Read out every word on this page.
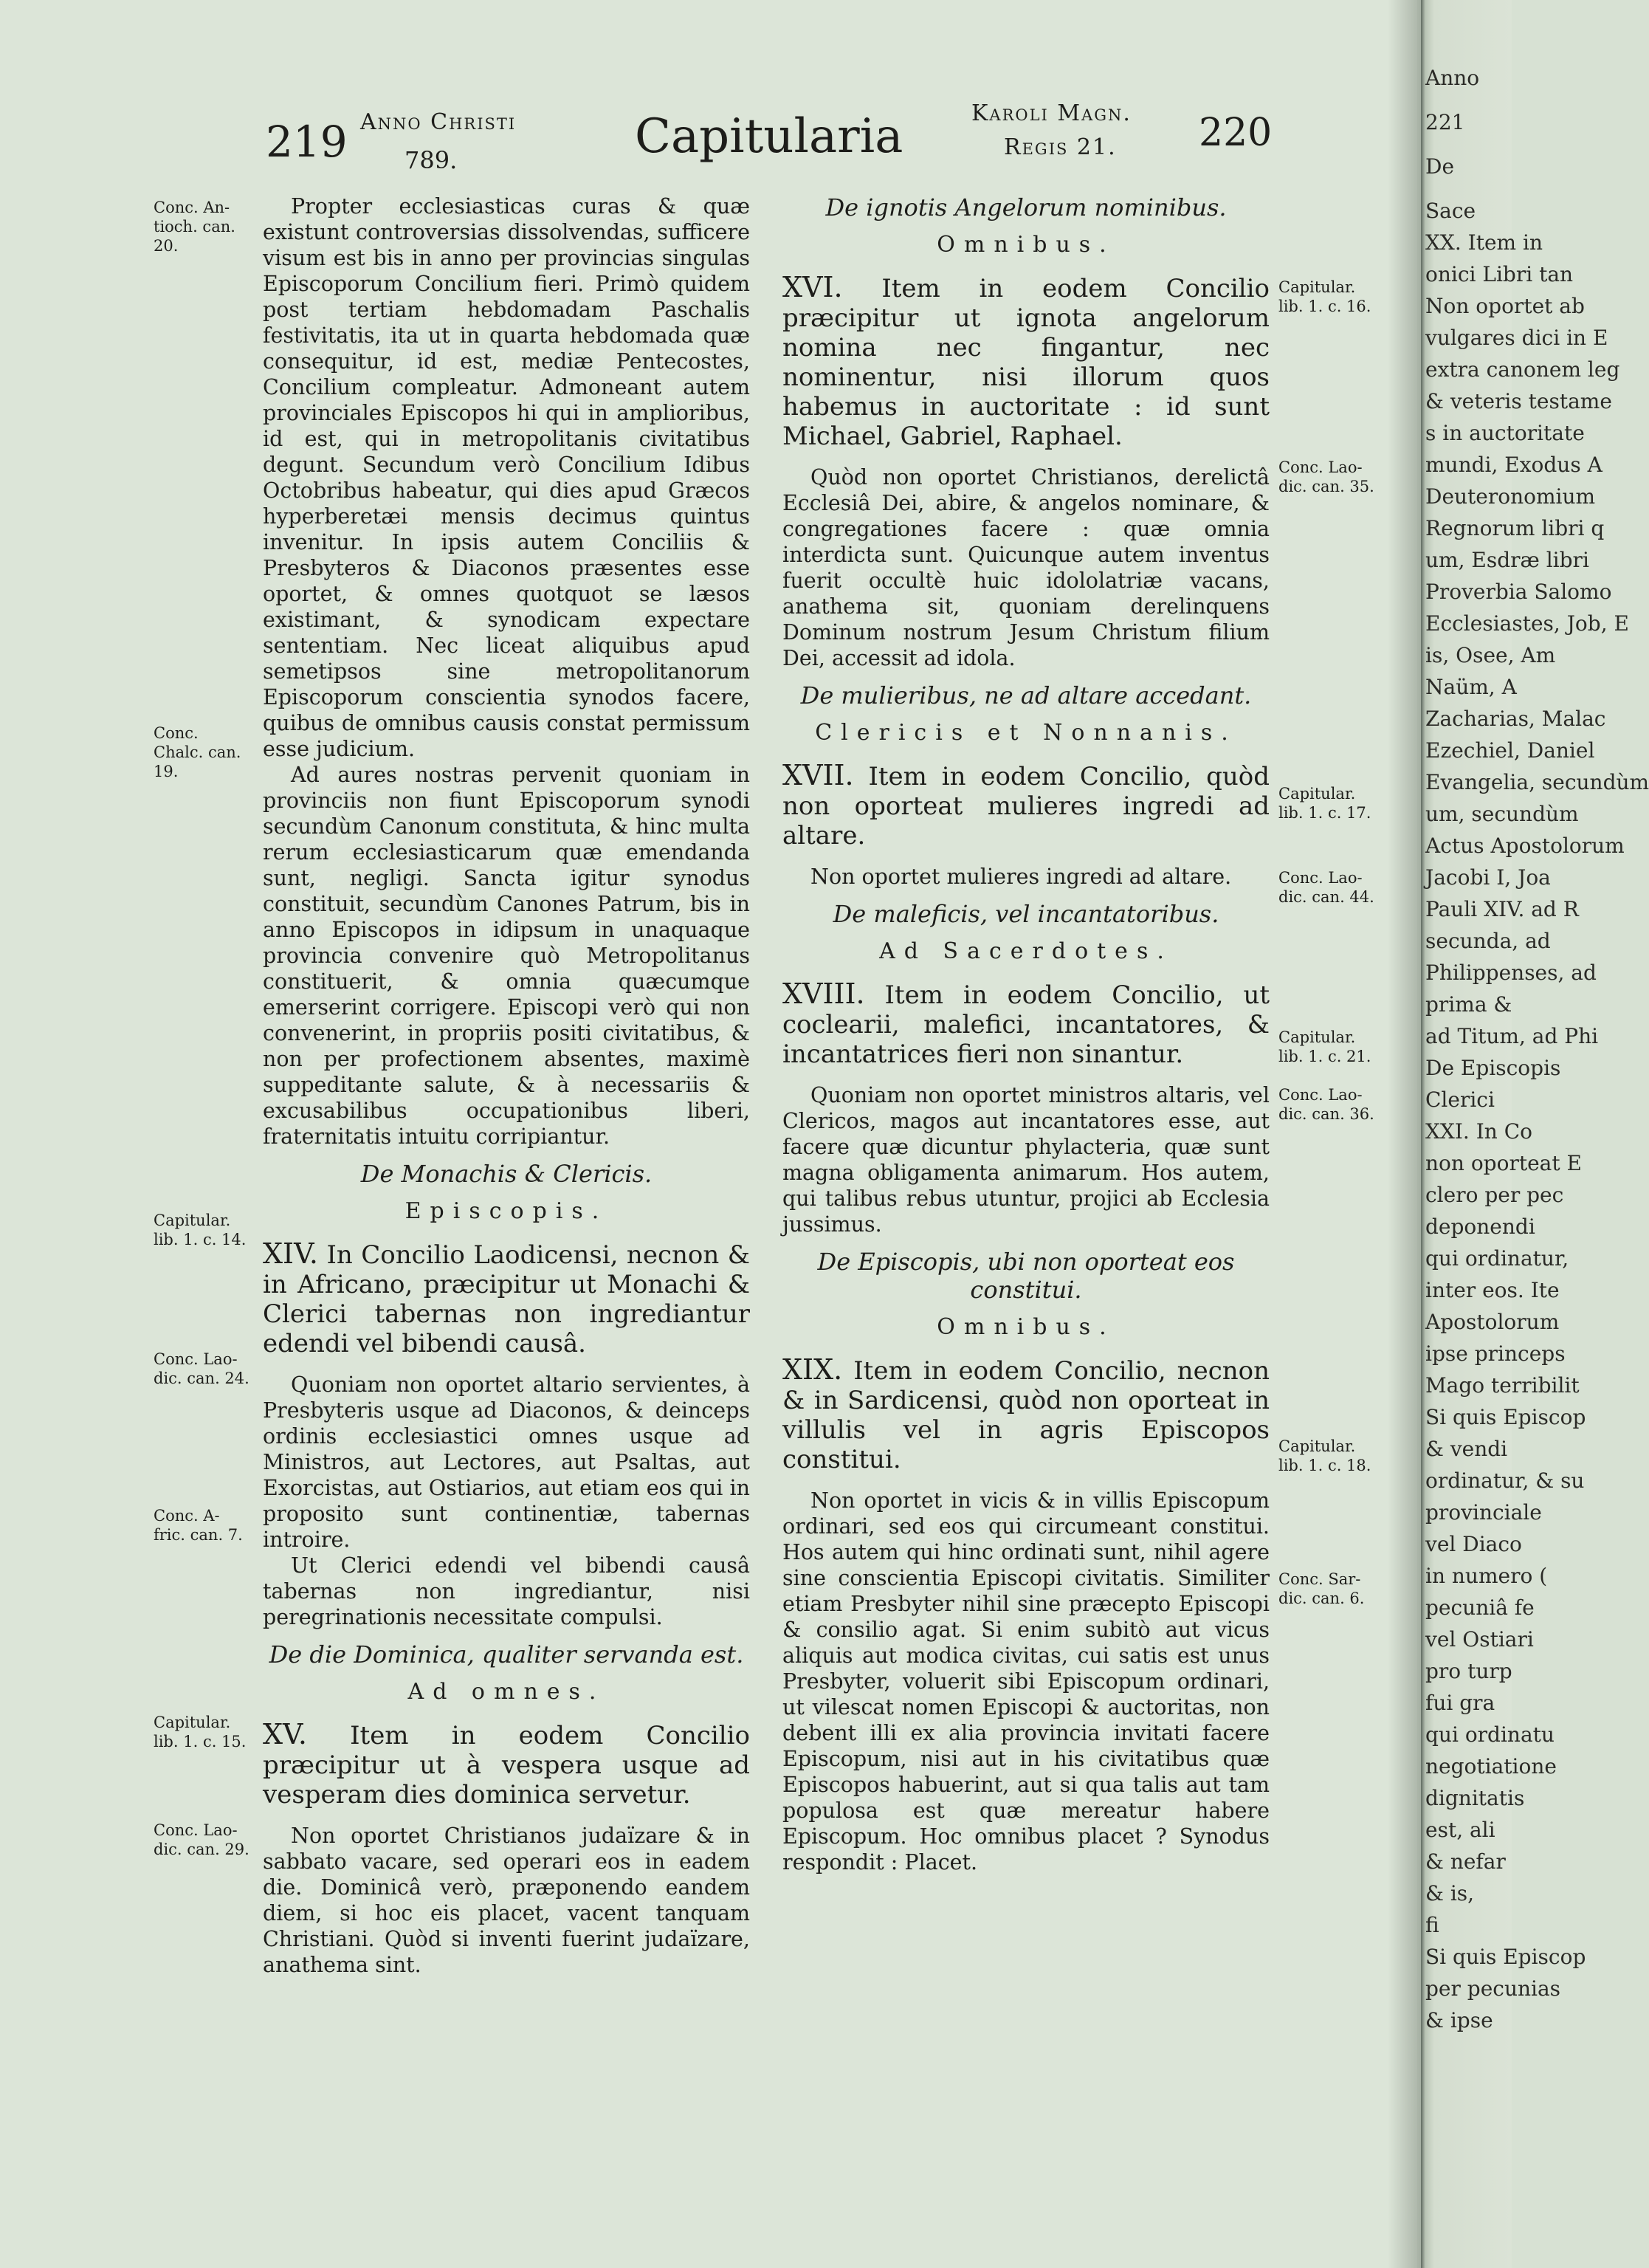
219 Anno Christi
789.	Capitularia	Karoli Magn.
Regis 21. 220
Conc. An-
tioch. can.
20.
Conc.
Chalc. can.
19.
Capitular.
lib. 1. c. 14.
Conc. Lao-
dic. can. 24.
Conc. A-
fric. can. 7.
Capitular.
lib. 1. c. 15.
Conc. Lao-
dic. can. 29.
Capitular.
lib. 1. c. 16.
Conc. Lao-
dic. can. 35.
Capitular.
lib. 1. c. 17.
Conc. Lao-
dic. can. 44.
Capitular.
lib. 1. c. 21.
Conc. Lao-
dic. can. 36.
Capitular.
lib. 1. c. 18.
Conc. Sar-
dic. can. 6.

Propter ecclesiasticas curas & quæ existunt controversias dissolvendas, sufficere visum est bis in anno per provincias singulas Episcoporum Concilium fieri. Primò quidem post tertiam hebdomadam Paschalis festivitatis, ita ut in quarta hebdomada quæ consequitur, id est, mediæ Pentecostes, Concilium compleatur. Admoneant autem provinciales Episcopos hi qui in amplioribus, id est, qui in metropolitanis civitatibus degunt. Secundum verò Concilium Idibus Octobribus habeatur, qui dies apud Græcos hyperberetæi mensis decimus quintus invenitur. In ipsis autem Conciliis & Presbyteros & Diaconos præsentes esse oportet, & omnes quotquot se læsos existimant, & synodicam expectare sententiam. Nec liceat aliquibus apud semetipsos sine metropolitanorum Episcoporum conscientia synodos facere, quibus de omnibus causis constat permissum esse judicium.

Ad aures nostras pervenit quoniam in provinciis non fiunt Episcoporum synodi secundùm Canonum constituta, & hinc multa rerum ecclesiasticarum quæ emendanda sunt, negligi. Sancta igitur synodus constituit, secundùm Canones Patrum, bis in anno Episcopos in idipsum in unaquaque provincia convenire quò Metropolitanus constituerit, & omnia quæcumque emerserint corrigere. Episcopi verò qui non convenerint, in propriis positi civitatibus, & non per profectionem absentes, maximè suppeditante salute, & à necessariis & excusabilibus occupationibus liberi, fraternitatis intuitu corripiantur.

De Monachis & Clericis.

Episcopis.

XIV. In Concilio Laodicensi, necnon & in Africano, præcipitur ut Monachi & Clerici tabernas non ingrediantur edendi vel bibendi causâ.

Quoniam non oportet altario servientes, à Presbyteris usque ad Diaconos, & deinceps ordinis ecclesiastici omnes usque ad Ministros, aut Lectores, aut Psaltas, aut Exorcistas, aut Ostiarios, aut etiam eos qui in proposito sunt continentiæ, tabernas introire.

Ut Clerici edendi vel bibendi causâ tabernas non ingrediantur, nisi peregrinationis necessitate compulsi.

De die Dominica, qualiter servanda est.

Ad omnes.

XV. Item in eodem Concilio præcipitur ut à vespera usque ad vesperam dies dominica servetur.

Non oportet Christianos judaïzare & in sabbato vacare, sed operari eos in eadem die. Dominicâ verò, præponendo eandem diem, si hoc eis placet, vacent tanquam Christiani. Quòd si inventi fuerint judaïzare, anathema sint.

De ignotis Angelorum nominibus.

Omnibus.

XVI. Item in eodem Concilio præcipitur ut ignota angelorum nomina nec fingantur, nec nominentur, nisi illorum quos habemus in auctoritate : id sunt Michael, Gabriel, Raphael.

Quòd non oportet Christianos, derelictâ Ecclesiâ Dei, abire, & angelos nominare, & congregationes facere : quæ omnia interdicta sunt. Quicunque autem inventus fuerit occultè huic idololatriæ vacans, anathema sit, quoniam derelinquens Dominum nostrum Jesum Christum filium Dei, accessit ad idola.

De mulieribus, ne ad altare accedant.

Clericis et Nonnanis.

XVII. Item in eodem Concilio, quòd non oporteat mulieres ingredi ad altare.

Non oportet mulieres ingredi ad altare.

De maleficis, vel incantatoribus.

Ad Sacerdotes.

XVIII. Item in eodem Concilio, ut coclearii, malefici, incantatores, & incantatrices fieri non sinantur.

Quoniam non oportet ministros altaris, vel Clericos, magos aut incantatores esse, aut facere quæ dicuntur phylacteria, quæ sunt magna obligamenta animarum. Hos autem, qui talibus rebus utuntur, projici ab Ecclesia jussimus.

De Episcopis, ubi non oporteat eos constitui.

Omnibus.

XIX. Item in eodem Concilio, necnon & in Sardicensi, quòd non oporteat in villulis vel in agris Episcopos constitui.

Non oportet in vicis & in villis Episcopum ordinari, sed eos qui circumeant constitui. Hos autem qui hinc ordinati sunt, nihil agere sine conscientia Episcopi civitatis. Similiter etiam Presbyter nihil sine præcepto Episcopi & consilio agat. Si enim subitò aut vicus aliquis aut modica civitas, cui satis est unus Presbyter, voluerit sibi Episcopum ordinari, ut vilescat nomen Episcopi & auctoritas, non debent illi ex alia provincia invitati facere Episcopum, nisi aut in his civitatibus quæ Episcopos habuerint, aut si qua talis aut tam populosa est quæ mereatur habere Episcopum. Hoc omnibus placet ? Synodus respondit : Placet.

Anno
221
De
Sace
XX. Item in
onici Libri tan
Non oportet ab
vulgares dici in E
extra canonem leg
& veteris testame
s in auctoritate
mundi, Exodus A
Deuteronomium
Regnorum libri q
um, Esdræ libri
Proverbia Salomo
Ecclesiastes, Job, E
is, Osee, Am
Naüm, A
Zacharias, Malac
Ezechiel, Daniel
Evangelia, secundùm
um, secundùm
Actus Apostolorum
Jacobi I, Joa
Pauli XIV. ad R
secunda, ad
Philippenses, ad
prima &
ad Titum, ad Phi
De Episcopis
Clerici
XXI. In Co
non oporteat E
clero per pec
deponendi
qui ordinatur,
inter eos. Ite
Apostolorum
ipse princeps
Mago terribilit
Si quis Episcop
& vendi
ordinatur, & su
provinciale
vel Diaco
in numero (
pecuniâ fe
vel Ostiari
pro turp
fui gra
qui ordinatu
negotiatione
dignitatis
est, ali
& nefar
& is,
fi
Si quis Episcop
per pecunias
& ipse
